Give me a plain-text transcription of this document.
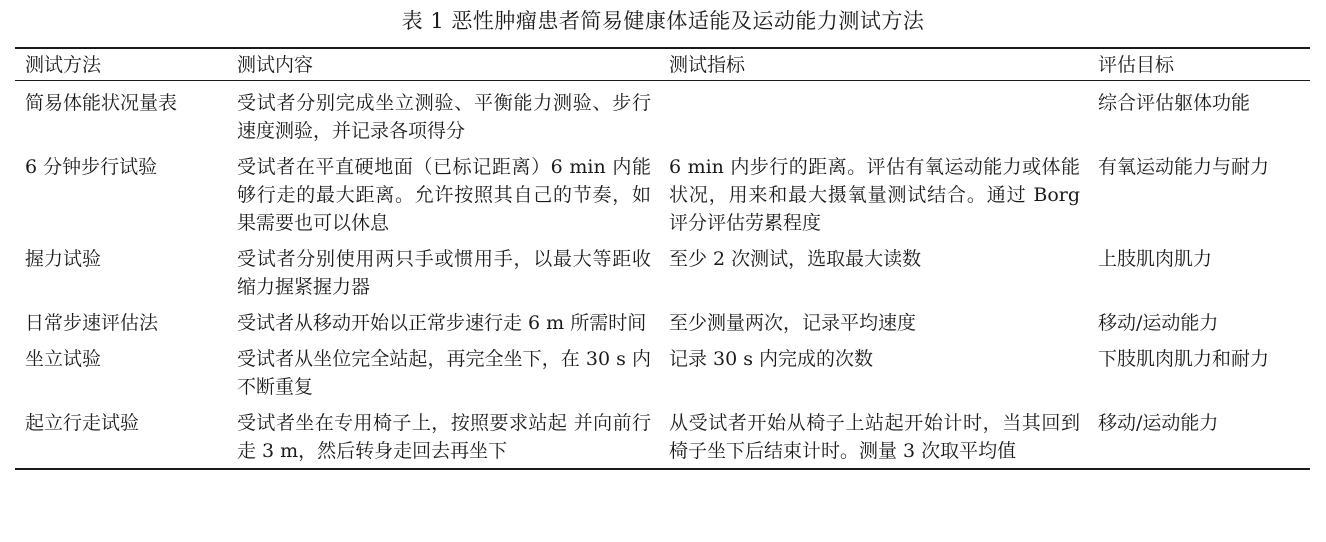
表 1 恶性肿瘤患者简易健康体适能及运动能力测试方法
测试方法	测试内容	测试指标	评估目标
简易体能状况量表	受试者分别完成坐立测验、平衡能力测验、步行速度测验，并记录各项得分		综合评估躯体功能
6 分钟步行试验	受试者在平直硬地面（已标记距离）6 min 内能够行走的最大距离。允许按照其自己的节奏，如果需要也可以休息	6 min 内步行的距离。评估有氧运动能力或体能状况，用来和最大摄氧量测试结合。通过 Borg 评分评估劳累程度	有氧运动能力与耐力
握力试验	受试者分别使用两只手或惯用手，以最大等距收缩力握紧握力器	至少 2 次测试，选取最大读数	上肢肌肉肌力
日常步速评估法	受试者从移动开始以正常步速行走 6 m 所需时间	至少测量两次，记录平均速度	移动/运动能力
坐立试验	受试者从坐位完全站起，再完全坐下，在 30 s 内不断重复	记录 30 s 内完成的次数	下肢肌肉肌力和耐力
起立行走试验	受试者坐在专用椅子上，按照要求站起 并向前行走 3 m，然后转身走回去再坐下	从受试者开始从椅子上站起开始计时，当其回到椅子坐下后结束计时。测量 3 次取平均值	移动/运动能力
